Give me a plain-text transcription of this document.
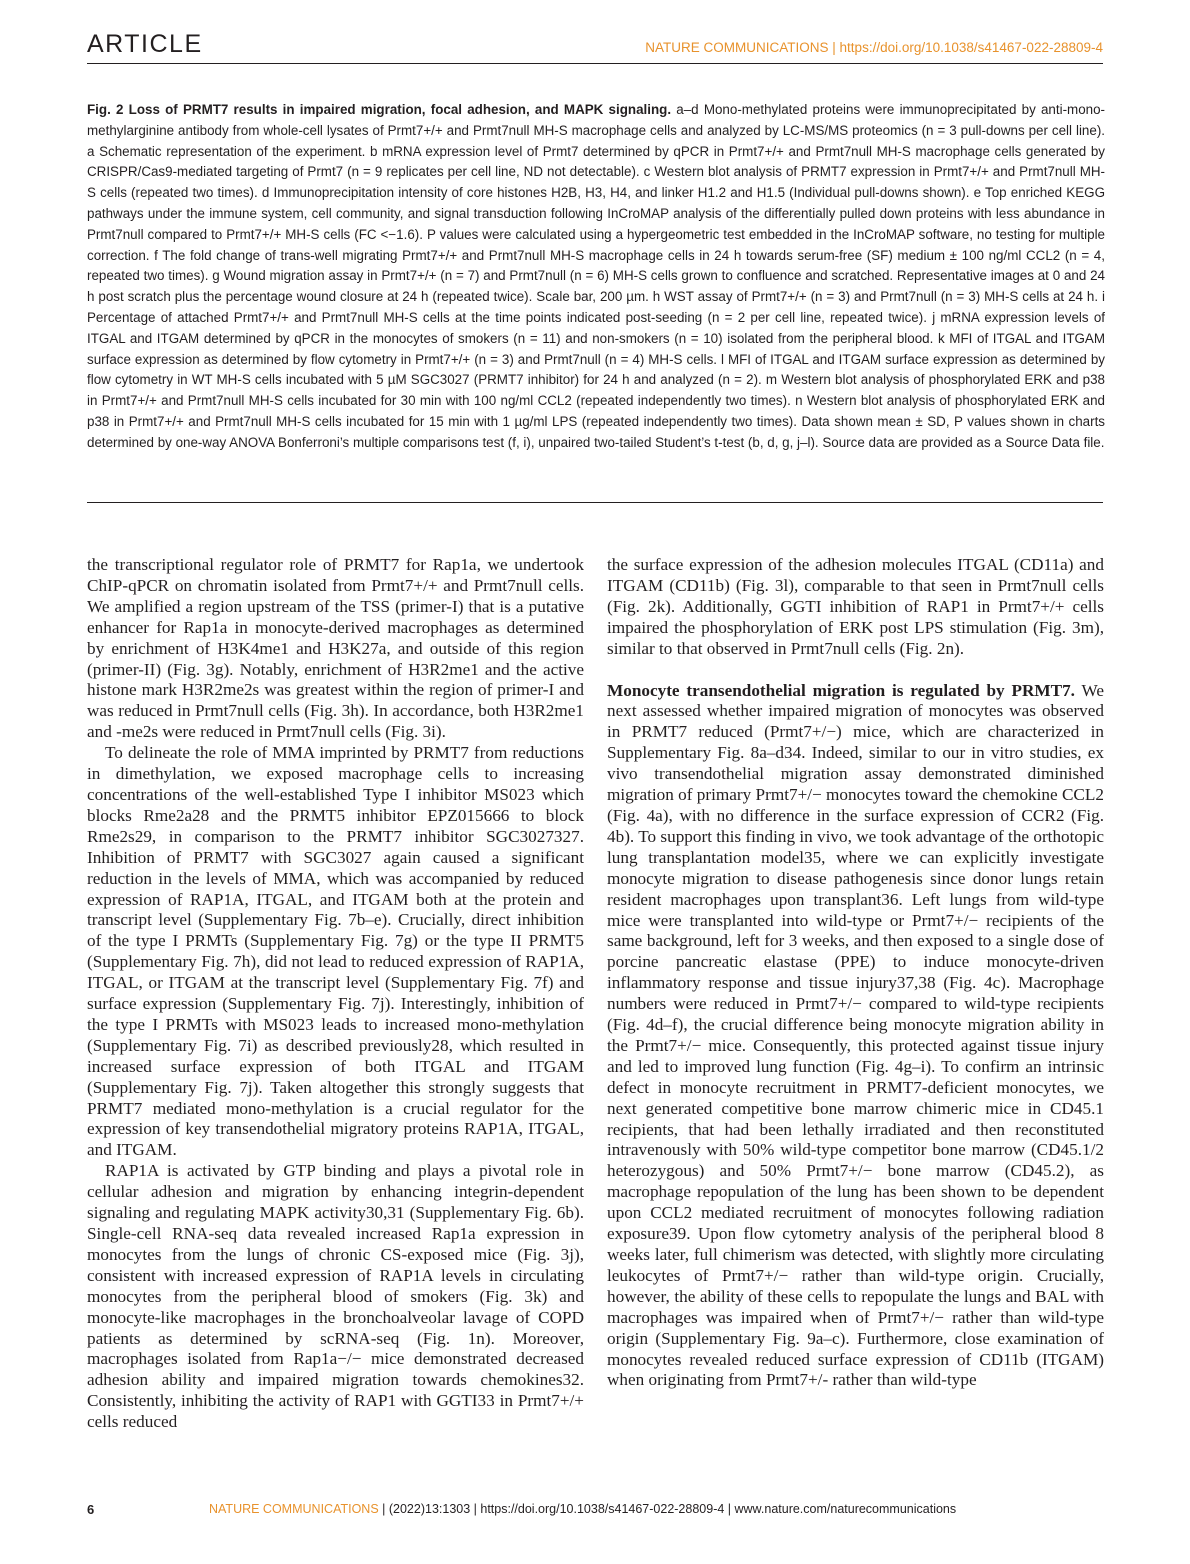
ARTICLE	NATURE COMMUNICATIONS | https://doi.org/10.1038/s41467-022-28809-4
Fig. 2 Loss of PRMT7 results in impaired migration, focal adhesion, and MAPK signaling. a–d Mono-methylated proteins were immunoprecipitated by anti-mono-methylarginine antibody from whole-cell lysates of Prmt7+/+ and Prmt7null MH-S macrophage cells and analyzed by LC-MS/MS proteomics (n = 3 pull-downs per cell line). a Schematic representation of the experiment. b mRNA expression level of Prmt7 determined by qPCR in Prmt7+/+ and Prmt7null MH-S macrophage cells generated by CRISPR/Cas9-mediated targeting of Prmt7 (n = 9 replicates per cell line, ND not detectable). c Western blot analysis of PRMT7 expression in Prmt7+/+ and Prmt7null MH-S cells (repeated two times). d Immunoprecipitation intensity of core histones H2B, H3, H4, and linker H1.2 and H1.5 (Individual pull-downs shown). e Top enriched KEGG pathways under the immune system, cell community, and signal transduction following InCroMAP analysis of the differentially pulled down proteins with less abundance in Prmt7null compared to Prmt7+/+ MH-S cells (FC <−1.6). P values were calculated using a hypergeometric test embedded in the InCroMAP software, no testing for multiple correction. f The fold change of trans-well migrating Prmt7+/+ and Prmt7null MH-S macrophage cells in 24 h towards serum-free (SF) medium ± 100 ng/ml CCL2 (n = 4, repeated two times). g Wound migration assay in Prmt7+/+ (n = 7) and Prmt7null (n = 6) MH-S cells grown to confluence and scratched. Representative images at 0 and 24 h post scratch plus the percentage wound closure at 24 h (repeated twice). Scale bar, 200 µm. h WST assay of Prmt7+/+ (n = 3) and Prmt7null (n = 3) MH-S cells at 24 h. i Percentage of attached Prmt7+/+ and Prmt7null MH-S cells at the time points indicated post-seeding (n = 2 per cell line, repeated twice). j mRNA expression levels of ITGAL and ITGAM determined by qPCR in the monocytes of smokers (n = 11) and non-smokers (n = 10) isolated from the peripheral blood. k MFI of ITGAL and ITGAM surface expression as determined by flow cytometry in Prmt7+/+ (n = 3) and Prmt7null (n = 4) MH-S cells. l MFI of ITGAL and ITGAM surface expression as determined by flow cytometry in WT MH-S cells incubated with 5 µM SGC3027 (PRMT7 inhibitor) for 24 h and analyzed (n = 2). m Western blot analysis of phosphorylated ERK and p38 in Prmt7+/+ and Prmt7null MH-S cells incubated for 30 min with 100 ng/ml CCL2 (repeated independently two times). n Western blot analysis of phosphorylated ERK and p38 in Prmt7+/+ and Prmt7null MH-S cells incubated for 15 min with 1 µg/ml LPS (repeated independently two times). Data shown mean ± SD, P values shown in charts determined by one-way ANOVA Bonferroni’s multiple comparisons test (f, i), unpaired two-tailed Student’s t-test (b, d, g, j–l). Source data are provided as a Source Data file.

the transcriptional regulator role of PRMT7 for Rap1a, we undertook ChIP-qPCR on chromatin isolated from Prmt7+/+ and Prmt7null cells. We amplified a region upstream of the TSS (primer-I) that is a putative enhancer for Rap1a in monocyte-derived macrophages as determined by enrichment of H3K4me1 and H3K27a, and outside of this region (primer-II) (Fig. 3g). Notably, enrichment of H3R2me1 and the active histone mark H3R2me2s was greatest within the region of primer-I and was reduced in Prmt7null cells (Fig. 3h). In accordance, both H3R2me1 and -me2s were reduced in Prmt7null cells (Fig. 3i).

To delineate the role of MMA imprinted by PRMT7 from reductions in dimethylation, we exposed macrophage cells to increasing concentrations of the well-established Type I inhibitor MS023 which blocks Rme2a28 and the PRMT5 inhibitor EPZ015666 to block Rme2s29, in comparison to the PRMT7 inhibitor SGC3027327. Inhibition of PRMT7 with SGC3027 again caused a significant reduction in the levels of MMA, which was accompanied by reduced expression of RAP1A, ITGAL, and ITGAM both at the protein and transcript level (Supplementary Fig. 7b–e). Crucially, direct inhibition of the type I PRMTs (Supplementary Fig. 7g) or the type II PRMT5 (Supplementary Fig. 7h), did not lead to reduced expression of RAP1A, ITGAL, or ITGAM at the transcript level (Supplementary Fig. 7f) and surface expression (Supplementary Fig. 7j). Interestingly, inhibition of the type I PRMTs with MS023 leads to increased mono-methylation (Supplementary Fig. 7i) as described previously28, which resulted in increased surface expression of both ITGAL and ITGAM (Supplementary Fig. 7j). Taken altogether this strongly suggests that PRMT7 mediated mono-methylation is a crucial regulator for the expression of key transendothelial migratory proteins RAP1A, ITGAL, and ITGAM.

RAP1A is activated by GTP binding and plays a pivotal role in cellular adhesion and migration by enhancing integrin-dependent signaling and regulating MAPK activity30,31 (Supplementary Fig. 6b). Single-cell RNA-seq data revealed increased Rap1a expression in monocytes from the lungs of chronic CS-exposed mice (Fig. 3j), consistent with increased expression of RAP1A levels in circulating monocytes from the peripheral blood of smokers (Fig. 3k) and monocyte-like macrophages in the bronchoalveolar lavage of COPD patients as determined by scRNA-seq (Fig. 1n). Moreover, macrophages isolated from Rap1a−/− mice demonstrated decreased adhesion ability and impaired migration towards chemokines32. Consistently, inhibiting the activity of RAP1 with GGTI33 in Prmt7+/+ cells reduced

the surface expression of the adhesion molecules ITGAL (CD11a) and ITGAM (CD11b) (Fig. 3l), comparable to that seen in Prmt7null cells (Fig. 2k). Additionally, GGTI inhibition of RAP1 in Prmt7+/+ cells impaired the phosphorylation of ERK post LPS stimulation (Fig. 3m), similar to that observed in Prmt7null cells (Fig. 2n).

Monocyte transendothelial migration is regulated by PRMT7. We next assessed whether impaired migration of monocytes was observed in PRMT7 reduced (Prmt7+/−) mice, which are characterized in Supplementary Fig. 8a–d34. Indeed, similar to our in vitro studies, ex vivo transendothelial migration assay demonstrated diminished migration of primary Prmt7+/− monocytes toward the chemokine CCL2 (Fig. 4a), with no difference in the surface expression of CCR2 (Fig. 4b). To support this finding in vivo, we took advantage of the orthotopic lung transplantation model35, where we can explicitly investigate monocyte migration to disease pathogenesis since donor lungs retain resident macrophages upon transplant36. Left lungs from wild-type mice were transplanted into wild-type or Prmt7+/− recipients of the same background, left for 3 weeks, and then exposed to a single dose of porcine pancreatic elastase (PPE) to induce monocyte-driven inflammatory response and tissue injury37,38 (Fig. 4c). Macrophage numbers were reduced in Prmt7+/− compared to wild-type recipients (Fig. 4d–f), the crucial difference being monocyte migration ability in the Prmt7+/− mice. Consequently, this protected against tissue injury and led to improved lung function (Fig. 4g–i). To confirm an intrinsic defect in monocyte recruitment in PRMT7-deficient monocytes, we next generated competitive bone marrow chimeric mice in CD45.1 recipients, that had been lethally irradiated and then reconstituted intravenously with 50% wild-type competitor bone marrow (CD45.1/2 heterozygous) and 50% Prmt7+/− bone marrow (CD45.2), as macrophage repopulation of the lung has been shown to be dependent upon CCL2 mediated recruitment of monocytes following radiation exposure39. Upon flow cytometry analysis of the peripheral blood 8 weeks later, full chimerism was detected, with slightly more circulating leukocytes of Prmt7+/− rather than wild-type origin. Crucially, however, the ability of these cells to repopulate the lungs and BAL with macrophages was impaired when of Prmt7+/− rather than wild-type origin (Supplementary Fig. 9a–c). Furthermore, close examination of monocytes revealed reduced surface expression of CD11b (ITGAM) when originating from Prmt7+/- rather than wild-type

6	NATURE COMMUNICATIONS | (2022)13:1303 | https://doi.org/10.1038/s41467-022-28809-4 | www.nature.com/naturecommunications
